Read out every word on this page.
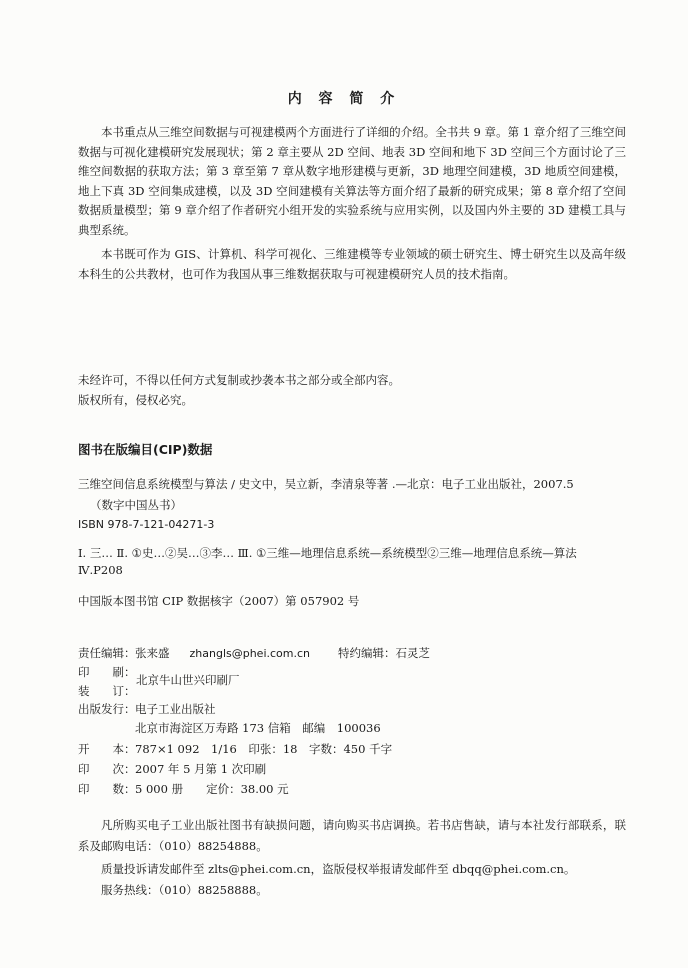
内 容 简 介
本书重点从三维空间数据与可视建模两个方面进行了详细的介绍。全书共 9 章。第 1 章介绍了三维空间数据与可视化建模研究发展现状；第 2 章主要从 2D 空间、地表 3D 空间和地下 3D 空间三个方面讨论了三维空间数据的获取方法；第 3 章至第 7 章从数字地形建模与更新，3D 地理空间建模，3D 地质空间建模，地上下真 3D 空间集成建模，以及 3D 空间建模有关算法等方面介绍了最新的研究成果；第 8 章介绍了空间数据质量模型；第 9 章介绍了作者研究小组开发的实验系统与应用实例，以及国内外主要的 3D 建模工具与典型系统。
本书既可作为 GIS、计算机、科学可视化、三维建模等专业领域的硕士研究生、博士研究生以及高年级本科生的公共教材，也可作为我国从事三维数据获取与可视建模研究人员的技术指南。
未经许可，不得以任何方式复制或抄袭本书之部分或全部内容。
版权所有，侵权必究。
图书在版编目(CIP)数据
三维空间信息系统模型与算法 / 史文中，吴立新，李清泉等著 .—北京：电子工业出版社，2007.5
（数字中国丛书）
ISBN 978-7-121-04271-3
Ⅰ. 三… Ⅱ. ①史…②吴…③李… Ⅲ. ①三维—地理信息系统—系统模型②三维—地理信息系统—算法
Ⅳ.P208
中国版本图书馆 CIP 数据核字（2007）第 057902 号
责任编辑：张来盛 zhangls@phei.com.cn 特约编辑：石灵芝
印　　刷：
北京牛山世兴印刷厂
装　　订：
出版发行：电子工业出版社
北京市海淀区万寿路 173 信箱　邮编　100036
开　　本：787×1 092　1/16　印张：18　字数：450 千字
印　　次：2007 年 5 月第 1 次印刷
印　　数：5 000 册　　定价：38.00 元
凡所购买电子工业出版社图书有缺损问题，请向购买书店调换。若书店售缺，请与本社发行部联系，联系及邮购电话：（010）88254888。
质量投诉请发邮件至 zlts@phei.com.cn，盗版侵权举报请发邮件至 dbqq@phei.com.cn。
服务热线：（010）88258888。
